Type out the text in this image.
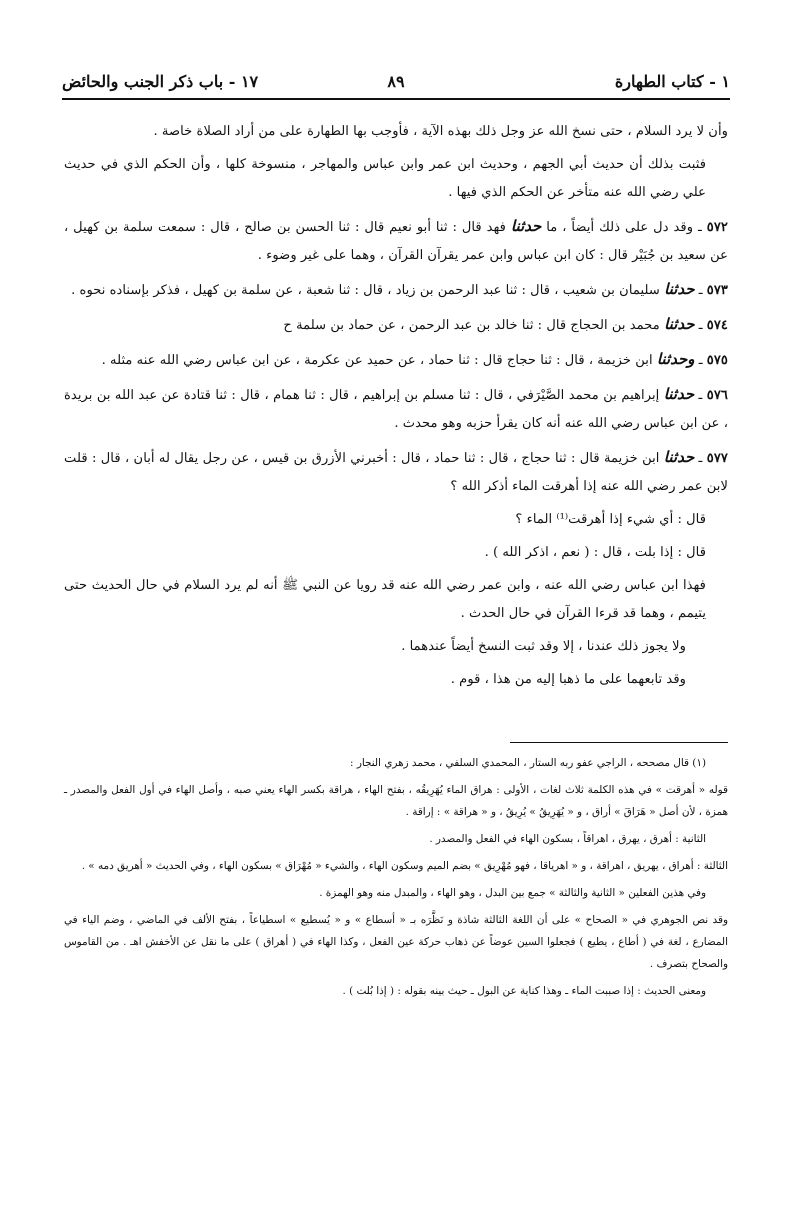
١ - كتاب الطهارة
٨٩
١٧ - باب ذكر الجنب والحائض

وأن لا يرد السلام ، حتى نسخ الله عز وجل ذلك بهذه الآية ، فأوجب بها الطهارة على من أراد الصلاة خاصة .

فثبت بذلك أن حديث أبي الجهم ، وحديث ابن عمر وابن عباس والمهاجر ، منسوخة كلها ، وأن الحكم الذي في حديث علي رضي الله عنه متأخر عن الحكم الذي فيها .

٥٧٢ ـ وقد دل على ذلك أيضاً ، ما حدثنا فهد قال : ثنا أبو نعيم قال : ثنا الحسن بن صالح ، قال : سمعت سلمة بن كهيل ، عن سعيد بن جُبَيْر قال : كان ابن عباس وابن عمر يقرآن القرآن ، وهما على غير وضوء .

٥٧٣ ـ حدثنا سليمان بن شعيب ، قال : ثنا عبد الرحمن بن زياد ، قال : ثنا شعبة ، عن سلمة بن كهيل ، فذكر بإسناده نحوه .

٥٧٤ ـ حدثنا محمد بن الحجاج قال : ثنا خالد بن عبد الرحمن ، عن حماد بن سلمة ح

٥٧٥ ـ وحدثنا ابن خزيمة ، قال : ثنا حجاج قال : ثنا حماد ، عن حميد عن عكرمة ، عن ابن عباس رضي الله عنه مثله .

٥٧٦ ـ حدثنا إبراهيم بن محمد الصَّيْرَفي ، قال : ثنا مسلم بن إبراهيم ، قال : ثنا همام ، قال : ثنا قتادة عن عبد الله بن بريدة ، عن ابن عباس رضي الله عنه أنه كان يقرأ حزبه وهو محدث .

٥٧٧ ـ حدثنا ابن خزيمة قال : ثنا حجاج ، قال : ثنا حماد ، قال : أخبرني الأزرق بن قيس ، عن رجل يقال له أبان ، قال : قلت لابن عمر رضي الله عنه إذا أهرقت الماء أذكر الله ؟

قال : أي شيء إذا أهرقت⁽¹⁾ الماء ؟

قال : إذا بلت ، قال : ( نعم ، اذكر الله ) .

فهذا ابن عباس رضي الله عنه ، وابن عمر رضي الله عنه قد رويا عن النبي ﷺ أنه لم يرد السلام في حال الحديث حتى يتيمم ، وهما قد قرءا القرآن في حال الحدث .

ولا يجوز ذلك عندنا ، إلا وقد ثبت النسخ أيضاً عندهما .

وقد تابعهما على ما ذهبا إليه من هذا ، قوم .

(١) قال مصححه ، الراجي عفو ربه الستار ، المحمدي السلفي ، محمد زهري النجار :

قوله « أهرقت » في هذه الكلمة ثلاث لغات ، الأولى : هراق الماء يُهَرِيقُه ، بفتح الهاء ، هراقة بكسر الهاء يعني صبه ، وأصل الهاء في أول الفعل والمصدر ـ همزة ، لأن أصل « هَرَاقَ » أراق ، و « يُهَرِيقُ » يُرِيقُ ، و « هراقة » : إراقة .

الثانية : أهرق ، يهرق ، اهراقاً ، بسكون الهاء في الفعل والمصدر .

الثالثة : أهراق ، يهريق ، اهراقة ، و « اهرياقا ، فهو مُهْرِيق » بضم الميم وسكون الهاء ، والشيء « مُهْرَاق » بسكون الهاء ، وفي الحديث « أهريق دمه » .

وفي هذين الفعلين « الثانية والثالثة » جمع بين البدل ، وهو الهاء ، والمبدل منه وهو الهمزة .

وقد نص الجوهري في « الصحاح » على أن اللغة الثالثة شاذة و نَظَّرَه بـ « أسطاع » و « يُسطيع » اسطياعاً ، بفتح الألف في الماضي ، وضم الياء في المضارع ، لغة في ( أطاع ، يطيع ) فجعلوا السين عوضاً عن ذهاب حركة عين الفعل ، وكذا الهاء في ( أهراق ) على ما نقل عن الأخفش اهـ . من القاموس والصحاح بتصرف .

ومعنى الحديث : إذا صببت الماء ـ وهذا كناية عن البول ـ حيث بينه بقوله : ( إذا بُلت ) .
